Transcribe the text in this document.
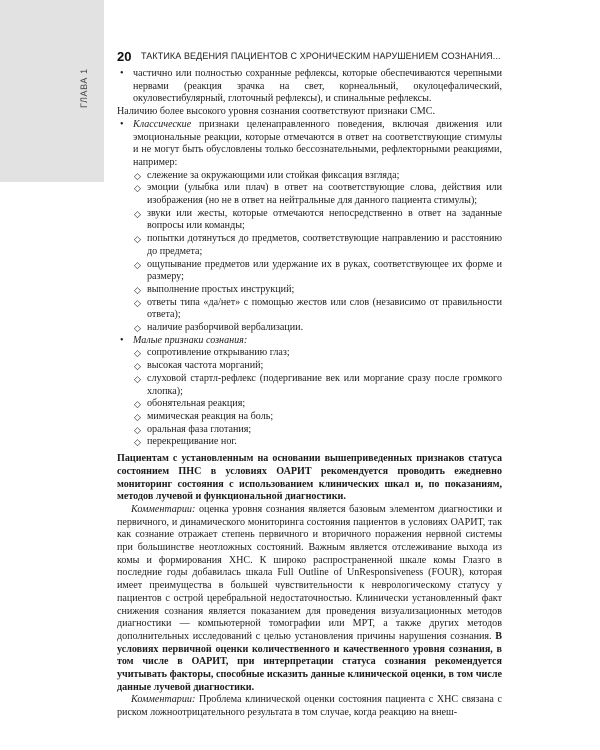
ГЛАВА 1
20 ТАКТИКА ВЕДЕНИЯ ПАЦИЕНТОВ С ХРОНИЧЕСКИМ НАРУШЕНИЕМ СОЗНАНИЯ...

• частично или полностью сохранные рефлексы, которые обеспечиваются черепными нервами (реакция зрачка на свет, корнеальный, окулоцефалический, окуловестибулярный, глоточный рефлексы), и спинальные рефлексы.

Наличию более высокого уровня сознания соответствуют признаки СМС.

• Классические признаки целенаправленного поведения, включая движения или эмоциональные реакции, которые отмечаются в ответ на соответствующие стимулы и не могут быть обусловлены только бессознательными, рефлекторными реакциями, например:

◇ слежение за окружающими или стойкая фиксация взгляда;

◇ эмоции (улыбка или плач) в ответ на соответствующие слова, действия или изображения (но не в ответ на нейтральные для данного пациента стимулы);

◇ звуки или жесты, которые отмечаются непосредственно в ответ на заданные вопросы или команды;

◇ попытки дотянуться до предметов, соответствующие направлению и расстоянию до предмета;

◇ ощупывание предметов или удержание их в руках, соответствующее их форме и размеру;

◇ выполнение простых инструкций;

◇ ответы типа «да/нет» с помощью жестов или слов (независимо от правильности ответа);

◇ наличие разборчивой вербализации.

• Малые признаки сознания:

◇ сопротивление открыванию глаз;

◇ высокая частота морганий;

◇ слуховой стартл-рефлекс (подергивание век или моргание сразу после громкого хлопка);

◇ обонятельная реакция;

◇ мимическая реакция на боль;

◇ оральная фаза глотания;

◇ перекрещивание ног.

Пациентам с установленным на основании вышеприведенных признаков статуса состоянием ПНС в условиях ОАРИТ рекомендуется проводить ежедневно мониторинг состояния с использованием клинических шкал и, по показаниям, методов лучевой и функциональной диагностики.

Комментарии: оценка уровня сознания является базовым элементом диагностики и первичного, и динамического мониторинга состояния пациентов в условиях ОАРИТ, так как сознание отражает степень первичного и вторичного поражения нервной системы при большинстве неотложных состояний. Важным является отслеживание выхода из комы и формирования ХНС. К широко распространенной шкале комы Глазго в последние годы добавилась шкала Full Outline of UnResponsiveness (FOUR), которая имеет преимущества в большей чувствительности к неврологическому статусу у пациентов с острой церебральной недостаточностью. Клинически установленный факт снижения сознания является показанием для проведения визуализационных методов диагностики — компьютерной томографии или МРТ, а также других методов дополнительных исследований с целью установления причины нарушения сознания. В условиях первичной оценки количественного и качественного уровня сознания, в том числе в ОАРИТ, при интерпретации статуса сознания рекомендуется учитывать факторы, способные исказить данные клинической оценки, в том числе данные лучевой диагностики.

Комментарии: Проблема клинической оценки состояния пациента с ХНС связана с риском ложноотрицательного результата в том случае, когда реакцию на внеш-
